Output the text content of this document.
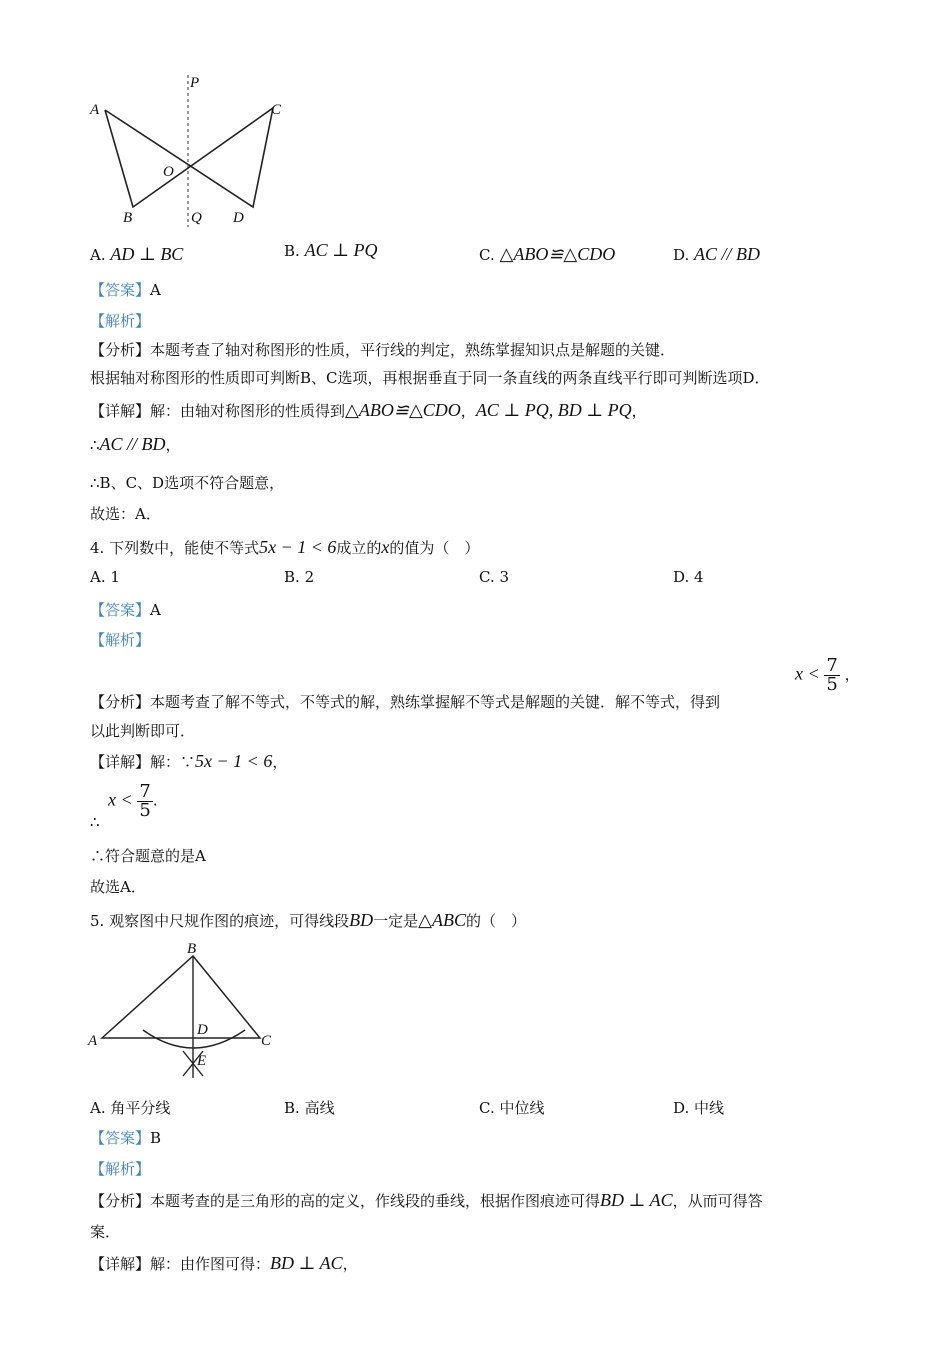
P
A
B
O
C
D
Q
A. AD ⊥ BC	B. AC ⊥ PQ	C. △ABO≌△CDO	D. AC // BD
【答案】A
【解析】
【分析】本题考查了轴对称图形的性质，平行线的判定，熟练掌握知识点是解题的关键．
根据轴对称图形的性质即可判断B、C选项，再根据垂直于同一条直线的两条直线平行即可判断选项D．
【详解】解：由轴对称图形的性质得到△ABO≌△CDO，AC ⊥ PQ, BD ⊥ PQ，
∴AC // BD，
∴B、C、D选项不符合题意，
故选：A．
4. 下列数中，能使不等式5x − 1 < 6成立的x的值为（　）
A. 1	B. 2	C. 3	D. 4
【答案】A
【解析】
【分析】本题考查了解不等式，不等式的解，熟练掌握解不等式是解题的关键．解不等式，得到
$x < \frac{7}{5}$ ，
以此判断即可．
【详解】解：∵5x − 1 < 6，
∴
$x < \frac{7}{5}$ .
∴符合题意的是A
故选A．
5. 观察图中尺规作图的痕迹，可得线段BD一定是△ABC的（　）
B
A
D
C
E
A. 角平分线	B. 高线	C. 中位线	D. 中线
【答案】B
【解析】
【分析】本题考查的是三角形的高的定义，作线段的垂线，根据作图痕迹可得BD ⊥ AC，从而可得答
案．
【详解】解：由作图可得：BD ⊥ AC，
